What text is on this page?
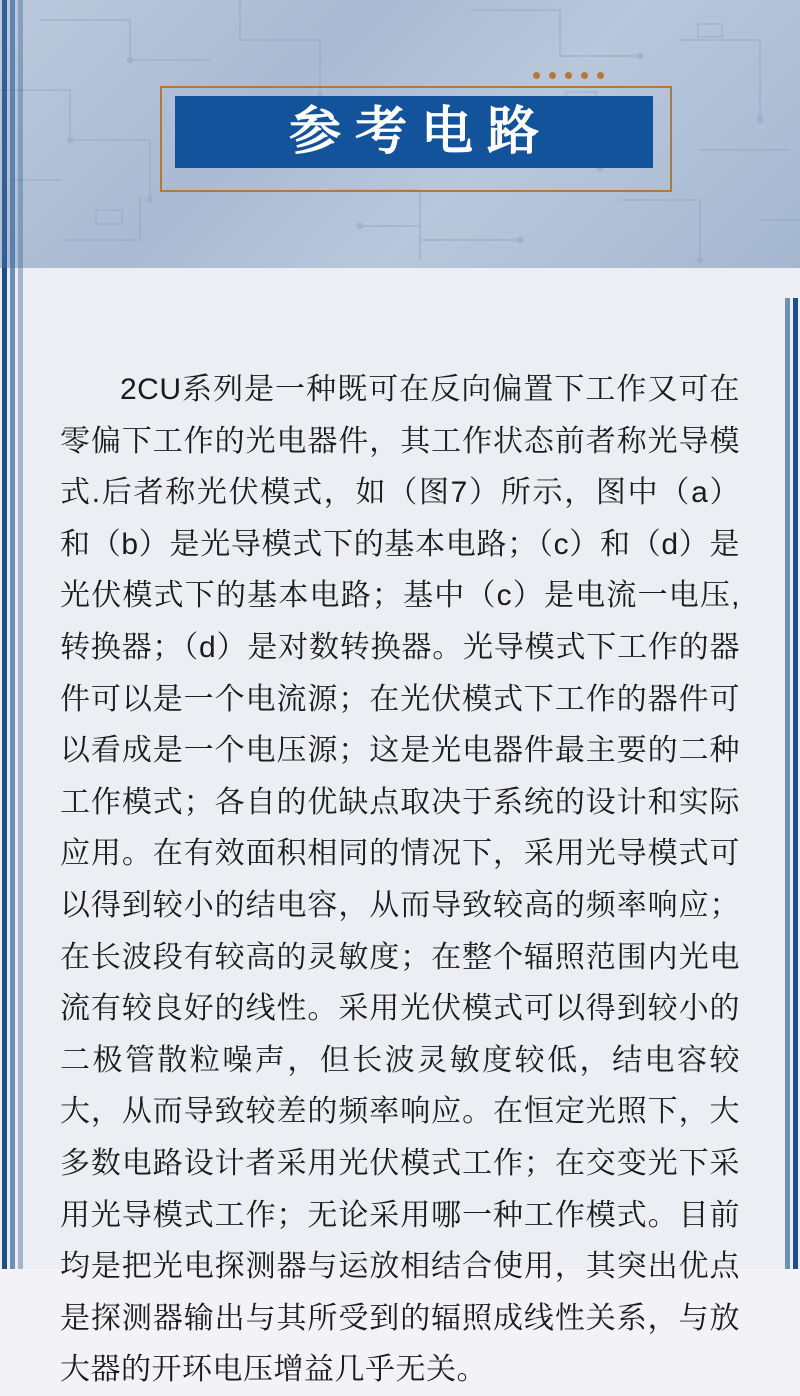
参考电路

2CU系列是一种既可在反向偏置下工作又可在零偏下工作的光电器件，其工作状态前者称光导模式.后者称光伏模式，如（图7）所示，图中（a）和（b）是光导模式下的基本电路；（c）和（d）是光伏模式下的基本电路；基中（c）是电流一电压,转换器；（d）是对数转换器。光导模式下工作的器件可以是一个电流源；在光伏模式下工作的器件可以看成是一个电压源；这是光电器件最主要的二种工作模式；各自的优缺点取决于系统的设计和实际应用。在有效面积相同的情况下，采用光导模式可以得到较小的结电容，从而导致较高的频率响应；在长波段有较高的灵敏度；在整个辐照范围内光电流有较良好的线性。采用光伏模式可以得到较小的二极管散粒噪声，但长波灵敏度较低，结电容较大，从而导致较差的频率响应。在恒定光照下，大多数电路设计者采用光伏模式工作；在交变光下采用光导模式工作；无论采用哪一种工作模式。目前均是把光电探测器与运放相结合使用，其突出优点是探测器输出与其所受到的辐照成线性关系，与放大器的开环电压增益几乎无关。
